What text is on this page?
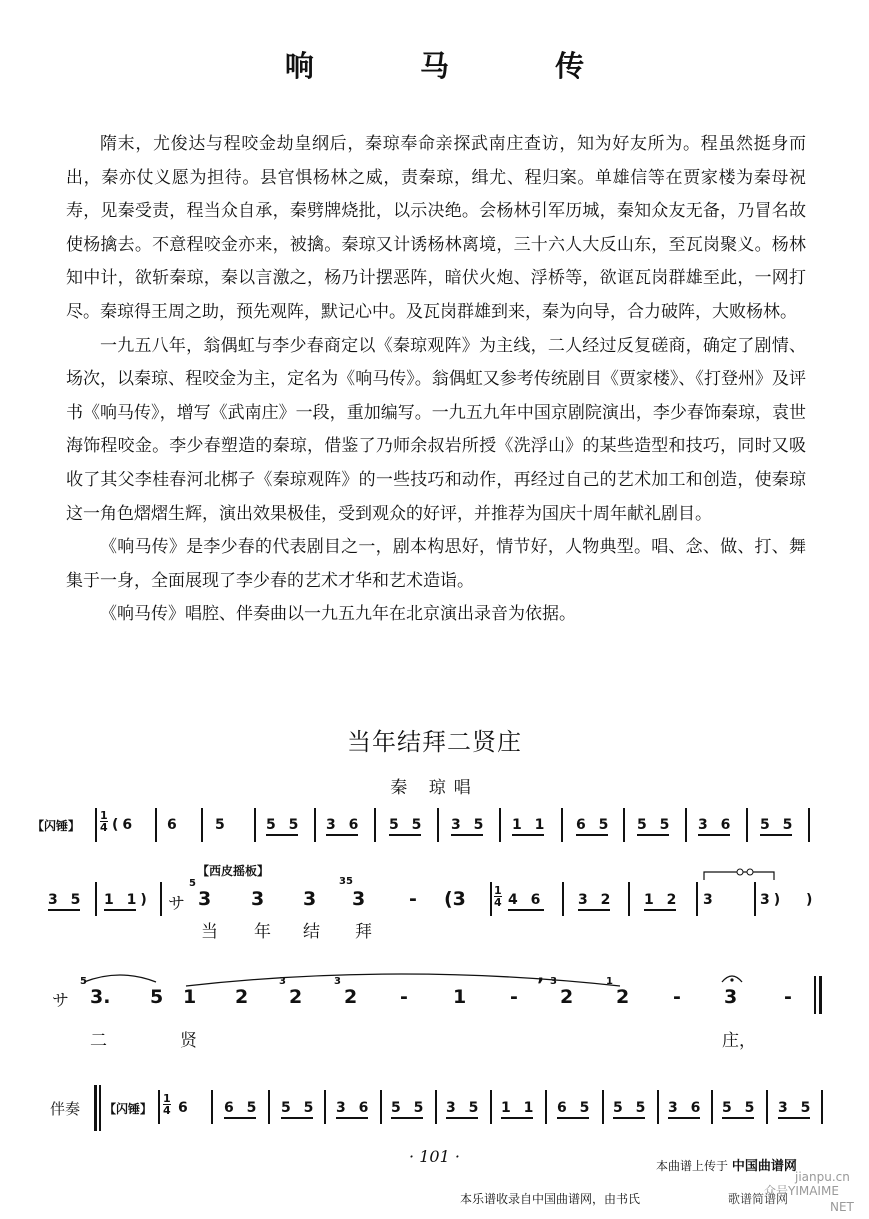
响 马 传

隋末，尤俊达与程咬金劫皇纲后，秦琼奉命亲探武南庄查访，知为好友所为。程虽然挺身而出，秦亦仗义愿为担待。县官惧杨林之威，责秦琼，缉尤、程归案。单雄信等在贾家楼为秦母祝寿，见秦受责，程当众自承，秦劈牌烧批，以示决绝。会杨林引军历城，秦知众友无备，乃冒名故使杨擒去。不意程咬金亦来，被擒。秦琼又计诱杨林离境，三十六人大反山东，至瓦岗聚义。杨林知中计，欲斩秦琼，秦以言激之，杨乃计摆恶阵，暗伏火炮、浮桥等，欲诓瓦岗群雄至此，一网打尽。秦琼得王周之助，预先观阵，默记心中。及瓦岗群雄到来，秦为向导，合力破阵，大败杨林。

一九五八年，翁偶虹与李少春商定以《秦琼观阵》为主线，二人经过反复磋商，确定了剧情、场次，以秦琼、程咬金为主，定名为《响马传》。翁偶虹又参考传统剧目《贾家楼》、《打登州》及评书《响马传》，增写《武南庄》一段，重加编写。一九五九年中国京剧院演出，李少春饰秦琼，袁世海饰程咬金。李少春塑造的秦琼，借鉴了乃师余叔岩所授《洗浮山》的某些造型和技巧，同时又吸收了其父李桂春河北梆子《秦琼观阵》的一些技巧和动作，再经过自己的艺术加工和创造，使秦琼这一角色熠熠生辉，演出效果极佳，受到观众的好评，并推荐为国庆十周年献礼剧目。

《响马传》是李少春的代表剧目之一，剧本构思好，情节好，人物典型。唱、念、做、打、舞集于一身，全面展现了李少春的艺术才华和艺术造诣。

《响马传》唱腔、伴奏曲以一九五九年在北京演出录音为依据。

当年结拜二贤庄
秦 琼唱
【闪锤】 $\frac{1}{4} (6$ 6 5	5 5 3 6 5 5 3 5 1 1 6 5 5 5 3 6 5 5
3 5 1 1) サ
【西皮摇板】
5
3 3 3
35
3 - (3	$\frac{1}{4} 4$ 6 3 2 1 2 3	3) )
当 年 结 拜
サ
5
3. 5 1 2
3
2
3
2 - 1 -
’ 3
2
1
2 - 3 -
二	贤	庄，
伴奏 【闪锤】 $\frac{1}{4} 6$ 6 5 5 5 3 6 5 5 3 5 1 1 6 5 5 5 3 6 5 5 3 5
· 101 ·	本曲谱上传于 中国曲谱网
本乐谱收录自中国曲谱网，由书氏	歌谱简谱网
jianpu.cn
众号YIMAIME
NET
